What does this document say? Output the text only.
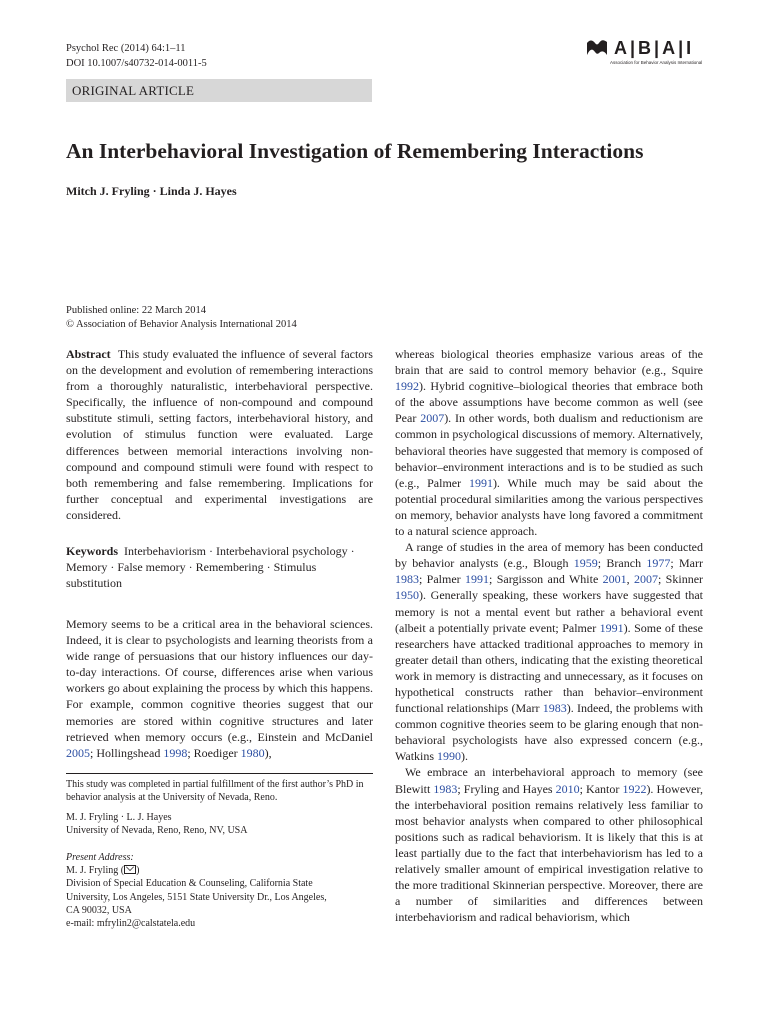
Psychol Rec (2014) 64:1–11
DOI 10.1007/s40732-014-0011-5
A | B | A | I
Association for Behavior Analysis International
ORIGINAL ARTICLE
An Interbehavioral Investigation of Remembering Interactions
Mitch J. Fryling · Linda J. Hayes
Published online: 22 March 2014
© Association of Behavior Analysis International 2014

Abstract This study evaluated the influence of several factors on the development and evolution of remembering interactions from a thoroughly naturalistic, interbehavioral perspective. Specifically, the influence of non-compound and compound substitute stimuli, setting factors, interbehavioral history, and evolution of stimulus function were evaluated. Large differences between memorial interactions involving non-compound and compound stimuli were found with respect to both remembering and false remembering. Implications for further conceptual and experimental investigations are considered.

Keywords Interbehaviorism · Interbehavioral psychology · Memory · False memory · Remembering · Stimulus substitution

Memory seems to be a critical area in the behavioral sciences. Indeed, it is clear to psychologists and learning theorists from a wide range of persuasions that our history influences our day-to-day interactions. Of course, differences arise when various workers go about explaining the process by which this happens. For example, common cognitive theories suggest that our memories are stored within cognitive structures and later retrieved when memory occurs (e.g., Einstein and McDaniel 2005; Hollingshead 1998; Roediger 1980),

This study was completed in partial fulfillment of the first author’s PhD in behavior analysis at the University of Nevada, Reno.

M. J. Fryling · L. J. Hayes

University of Nevada, Reno, Reno, NV, USA

Present Address:

M. J. Fryling ( )

Division of Special Education & Counseling, California State

University, Los Angeles, 5151 State University Dr., Los Angeles,

CA 90032, USA

e-mail: mfrylin2@calstatela.edu

whereas biological theories emphasize various areas of the brain that are said to control memory behavior (e.g., Squire 1992). Hybrid cognitive–biological theories that embrace both of the above assumptions have become common as well (see Pear 2007). In other words, both dualism and reductionism are common in psychological discussions of memory. Alternatively, behavioral theories have suggested that memory is composed of behavior–environment interactions and is to be studied as such (e.g., Palmer 1991). While much may be said about the potential procedural similarities among the various perspectives on memory, behavior analysts have long favored a commitment to a natural science approach.

A range of studies in the area of memory has been conducted by behavior analysts (e.g., Blough 1959; Branch 1977; Marr 1983; Palmer 1991; Sargisson and White 2001, 2007; Skinner 1950). Generally speaking, these workers have suggested that memory is not a mental event but rather a behavioral event (albeit a potentially private event; Palmer 1991). Some of these researchers have attacked traditional approaches to memory in greater detail than others, indicating that the existing theoretical work in memory is distracting and unnecessary, as it focuses on hypothetical constructs rather than behavior–environment functional relationships (Marr 1983). Indeed, the problems with common cognitive theories seem to be glaring enough that non-behavioral psychologists have also expressed concern (e.g., Watkins 1990).

We embrace an interbehavioral approach to memory (see Blewitt 1983; Fryling and Hayes 2010; Kantor 1922). However, the interbehavioral position remains relatively less familiar to most behavior analysts when compared to other philosophical positions such as radical behaviorism. It is likely that this is at least partially due to the fact that interbehaviorism has led to a relatively smaller amount of empirical investigation relative to the more traditional Skinnerian perspective. Moreover, there are a number of similarities and differences between interbehaviorism and radical behaviorism, which
